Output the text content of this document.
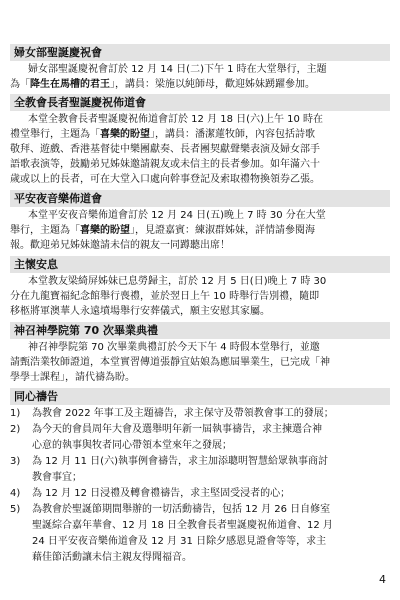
婦女部聖誕慶祝會
婦女部聖誕慶祝會訂於 12 月 14 日(二)下午 1 時在大堂舉行，主題
為「降生在馬槽的君王」，講員：梁施以純師母，歡迎姊妹踴躍參加。
全教會長者聖誕慶祝佈道會
本堂全教會長者聖誕慶祝佈道會訂於 12 月 18 日(六)上午 10 時在
禮堂舉行，主題為「喜樂的盼望」，講員：潘潔蓮牧師，內容包括詩歌
敬拜、遊戲、香港基督徒中樂團獻奏、長者團契獻聲樂表演及婦女部手
語歌表演等，鼓勵弟兄姊妹邀請親友或未信主的長者參加。如年滿六十
歲或以上的長者，可在大堂入口處向幹事登記及索取禮物換領券乙張。
平安夜音樂佈道會
本堂平安夜音樂佈道會訂於 12 月 24 日(五)晚上 7 時 30 分在大堂
舉行，主題為「喜樂的盼望」，見證嘉賓：練淑群姊妹，詳情請參閱海
報。歡迎弟兄姊妹邀請未信的親友一同蹲聽出席！
主懷安息
本堂教友梁綺屏姊妹已息勞歸主，訂於 12 月 5 日(日)晚上 7 時 30
分在九龍寶福紀念館舉行喪禮，並於翌日上午 10 時舉行告別禮，隨即
移柩將軍澳華人永遠墳場舉行安葬儀式，願主安慰其家屬。
神召神學院第 70 次畢業典禮
神召神學院第 70 次畢業典禮訂於今天下午 4 時假本堂舉行，並邀
請甄浩業牧師證道，本堂實習傳道張靜宜姑娘為應屆畢業生，已完成「神
學學士課程」，請代禱為盼。
同心禱告
1) 為教會 2022 年事工及主題禱告，求主保守及帶領教會事工的發展；
2) 為今天的會員周年大會及選舉明年新一屆執事禱告，求主揀選合神
心意的執事與牧者同心帶領本堂來年之發展；
3) 為 12 月 11 日(六)執事例會禱告，求主加添聰明智慧給眾執事商討
教會事宜；
4) 為 12 月 12 日浸禮及轉會禮禱告，求主堅固受浸者的心；
5) 為教會於聖誕節期間舉辦的一切活動禱告，包括 12 月 26 日自修室
聖誕綜合嘉年華會、12 月 18 日全教會長者聖誕慶祝佈道會、12 月
24 日平安夜音樂佈道會及 12 月 31 日除夕感恩見證會等等，求主
藉佳節活動讓未信主親友得聞福音。
4
